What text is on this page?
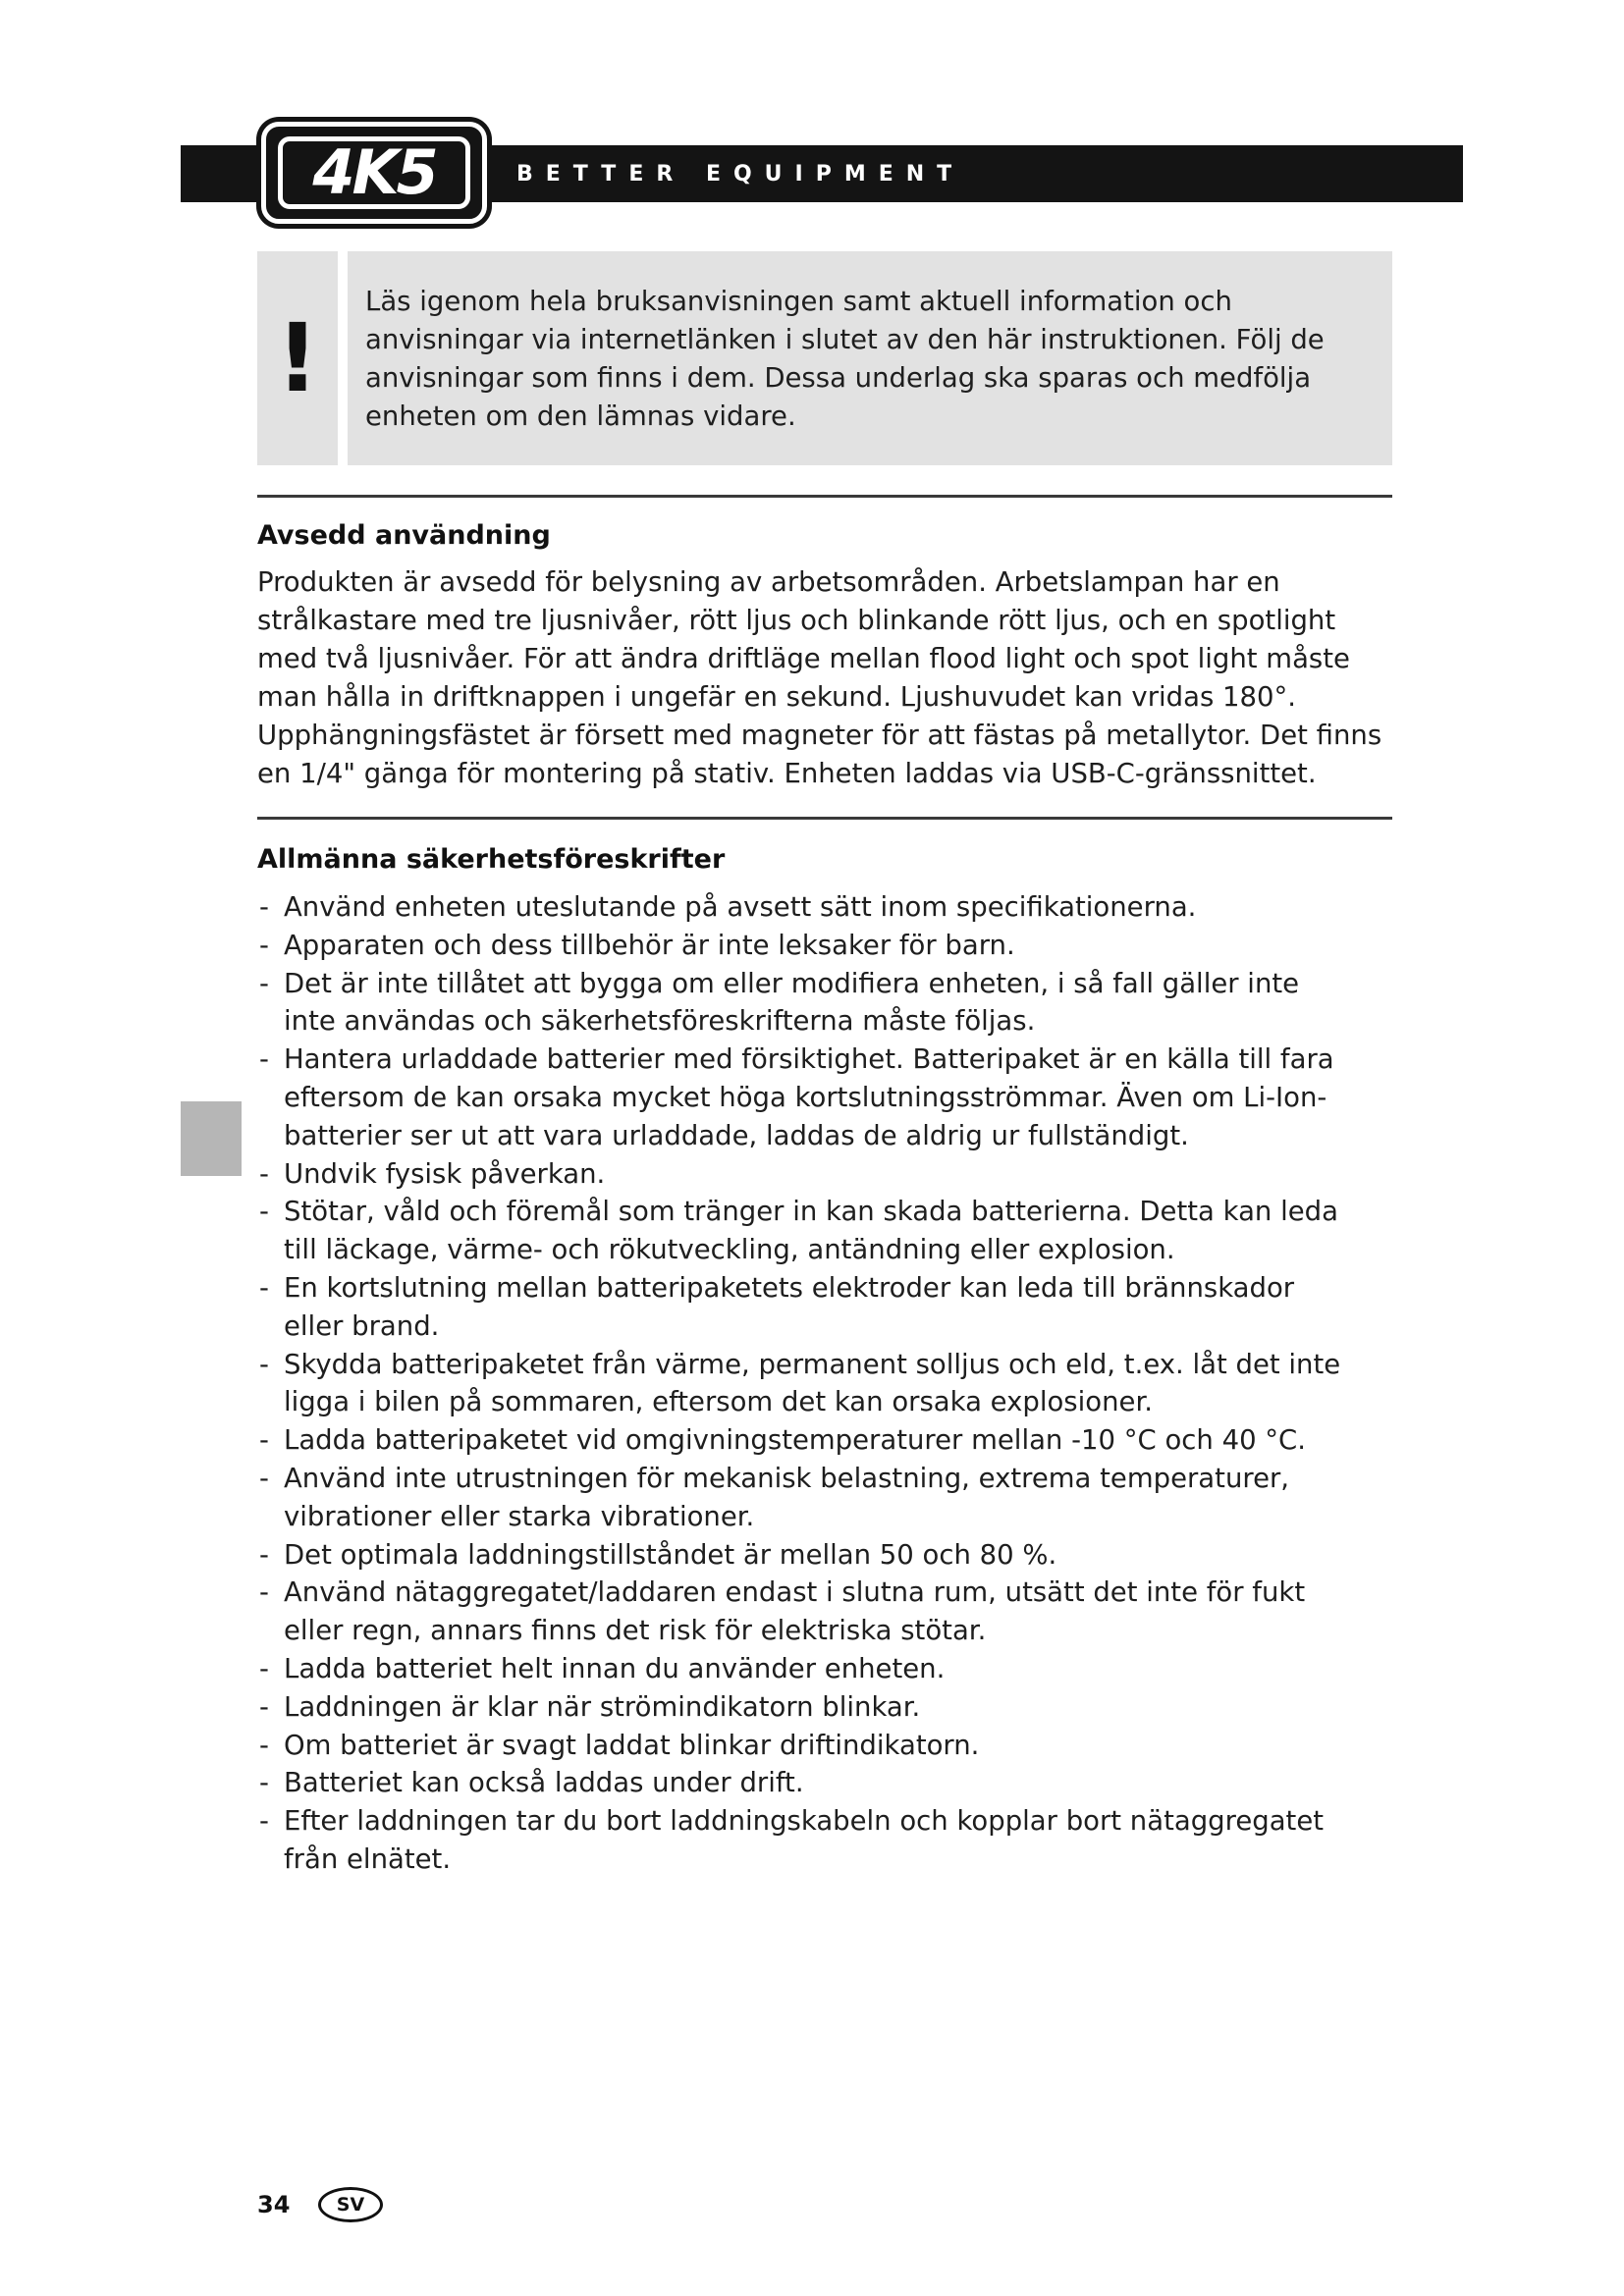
4K5	BETTER EQUIPMENT
!
Läs igenom hela bruksanvisningen samt aktuell information och
anvisningar via internetlänken i slutet av den här instruktionen. Följ de
anvisningar som finns i dem. Dessa underlag ska sparas och medfölja
enheten om den lämnas vidare.
Avsedd användning

Produkten är avsedd för belysning av arbetsområden. Arbetslampan har en
strålkastare med tre ljusnivåer, rött ljus och blinkande rött ljus, och en spotlight
med två ljusnivåer. För att ändra driftläge mellan flood light och spot light måste
man hålla in driftknappen i ungefär en sekund. Ljushuvudet kan vridas 180°.
Upphängningsfästet är försett med magneter för att fästas på metallytor. Det finns
en 1/4" gänga för montering på stativ. Enheten laddas via USB-C-gränssnittet.

Allmänna säkerhetsföreskrifter
- Använd enheten uteslutande på avsett sätt inom specifikationerna.
- Apparaten och dess tillbehör är inte leksaker för barn.
- Det är inte tillåtet att bygga om eller modifiera enheten, i så fall gäller inte
inte användas och säkerhetsföreskrifterna måste följas.
- Hantera urladdade batterier med försiktighet. Batteripaket är en källa till fara
eftersom de kan orsaka mycket höga kortslutningsströmmar. Även om Li-Ion-
batterier ser ut att vara urladdade, laddas de aldrig ur fullständigt.
- Undvik fysisk påverkan.
- Stötar, våld och föremål som tränger in kan skada batterierna. Detta kan leda
till läckage, värme- och rökutveckling, antändning eller explosion.
- En kortslutning mellan batteripaketets elektroder kan leda till brännskador
eller brand.
- Skydda batteripaketet från värme, permanent solljus och eld, t.ex. låt det inte
ligga i bilen på sommaren, eftersom det kan orsaka explosioner.
- Ladda batteripaketet vid omgivningstemperaturer mellan -10 °C och 40 °C.
- Använd inte utrustningen för mekanisk belastning, extrema temperaturer,
vibrationer eller starka vibrationer.
- Det optimala laddningstillståndet är mellan 50 och 80 %.
- Använd nätaggregatet/laddaren endast i slutna rum, utsätt det inte för fukt
eller regn, annars finns det risk för elektriska stötar.
- Ladda batteriet helt innan du använder enheten.
- Laddningen är klar när strömindikatorn blinkar.
- Om batteriet är svagt laddat blinkar driftindikatorn.
- Batteriet kan också laddas under drift.
- Efter laddningen tar du bort laddningskabeln och kopplar bort nätaggregatet
från elnätet.
34	SV
